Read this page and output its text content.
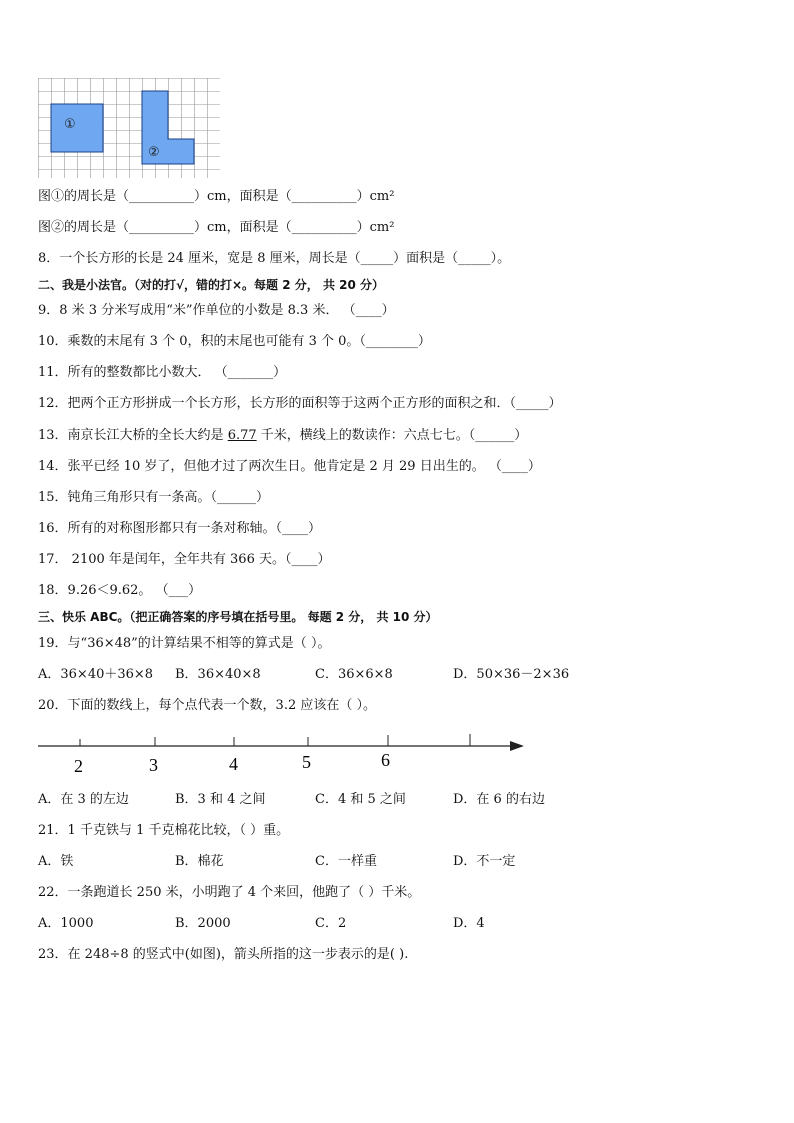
①
②
图①的周长是（__________）cm，面积是（__________）cm²
图②的周长是（__________）cm，面积是（__________）cm²
8．一个长方形的长是 24 厘米，宽是 8 厘米，周长是（_____）面积是（_____）。
二、我是小法官。（对的打√，错的打×。每题 2 分， 共 20 分）
9．8 米 3 分米写成用“米”作单位的小数是 8.3 米． （____）
10．乘数的末尾有 3 个 0，积的末尾也可能有 3 个 0。（________）
11．所有的整数都比小数大． （_______）
12．把两个正方形拼成一个长方形，长方形的面积等于这两个正方形的面积之和．（_____）
13．南京长江大桥的全长大约是 6.77 千米，横线上的数读作：六点七七。（______）
14．张平已经 10 岁了，但他才过了两次生日。他肯定是 2 月 29 日出生的。 （____）
15．钝角三角形只有一条高。（______）
16．所有的对称图形都只有一条对称轴。（____）
17． 2100 年是闰年，全年共有 366 天。（____）
18．9.26＜9.62。 （___）
三、快乐 ABC。（把正确答案的序号填在括号里。 每题 2 分， 共 10 分）
19．与“36×48”的计算结果不相等的算式是（ ）。
A．36×40＋36×8 B．36×40×8	C．36×6×8	D．50×36－2×36
20．下面的数线上，每个点代表一个数，3.2 应该在（ ）。
2	3	4	5	6
A．在 3 的左边	B．3 和 4 之间	C．4 和 5 之间	D．在 6 的右边
21．1 千克铁与 1 千克棉花比较，（ ）重。
A．铁	B．棉花	C．一样重	D．不一定
22．一条跑道长 250 米，小明跑了 4 个来回，他跑了（ ）千米。
A．1000	B．2000	C．2	D．4
23．在 248÷8 的竖式中(如图)，箭头所指的这一步表示的是( ).
